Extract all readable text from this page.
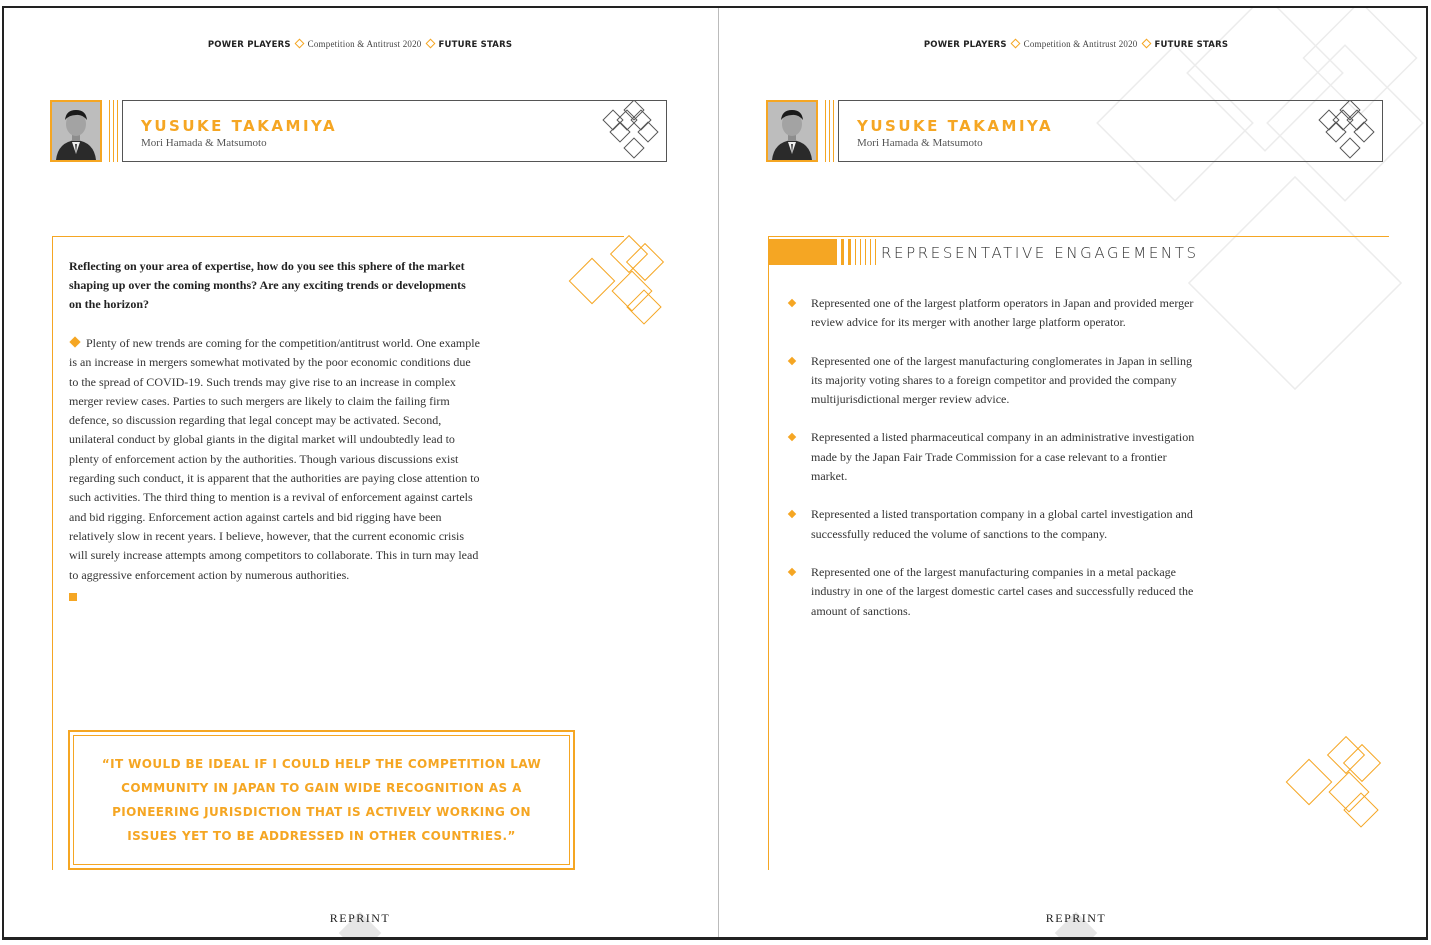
POWER PLAYERS Competition & Antitrust 2020 FUTURE STARS
YUSUKE TAKAMIYA
Mori Hamada & Matsumoto
Reflecting on your area of expertise, how do you see this sphere of the market shaping up over the coming months? Are any exciting trends or developments on the horizon?
Plenty of new trends are coming for the competition/antitrust world. One example is an increase in mergers somewhat motivated by the poor economic conditions due to the spread of COVID-19. Such trends may give rise to an increase in complex merger review cases. Parties to such mergers are likely to claim the failing firm defence, so discussion regarding that legal concept may be activated. Second, unilateral conduct by global giants in the digital market will undoubtedly lead to plenty of enforcement action by the authorities. Though various discussions exist regarding such conduct, it is apparent that the authorities are paying close attention to such activities. The third thing to mention is a revival of enforcement against cartels and bid rigging. Enforcement action against cartels and bid rigging have been relatively slow in recent years. I believe, however, that the current economic crisis will surely increase attempts among competitors to collaborate. This in turn may lead to aggressive enforcement action by numerous authorities.

“IT WOULD BE IDEAL IF I COULD HELP THE COMPETITION LAW COMMUNITY IN JAPAN TO GAIN WIDE RECOGNITION AS A PIONEERING JURISDICTION THAT IS ACTIVELY WORKING ON ISSUES YET TO BE ADDRESSED IN OTHER COUNTRIES.”
REPRINT
POWER PLAYERS Competition & Antitrust 2020 FUTURE STARS
YUSUKE TAKAMIYA
Mori Hamada & Matsumoto
REPRESENTATIVE ENGAGEMENTS
Represented one of the largest platform operators in Japan and provided merger review advice for its merger with another large platform operator.
Represented one of the largest manufacturing conglomerates in Japan in selling its majority voting shares to a foreign competitor and provided the company multijurisdictional merger review advice.
Represented a listed pharmaceutical company in an administrative investigation made by the Japan Fair Trade Commission for a case relevant to a frontier market.
Represented a listed transportation company in a global cartel investigation and successfully reduced the volume of sanctions to the company.
Represented one of the largest manufacturing companies in a metal package industry in one of the largest domestic cartel cases and successfully reduced the amount of sanctions.
REPRINT
